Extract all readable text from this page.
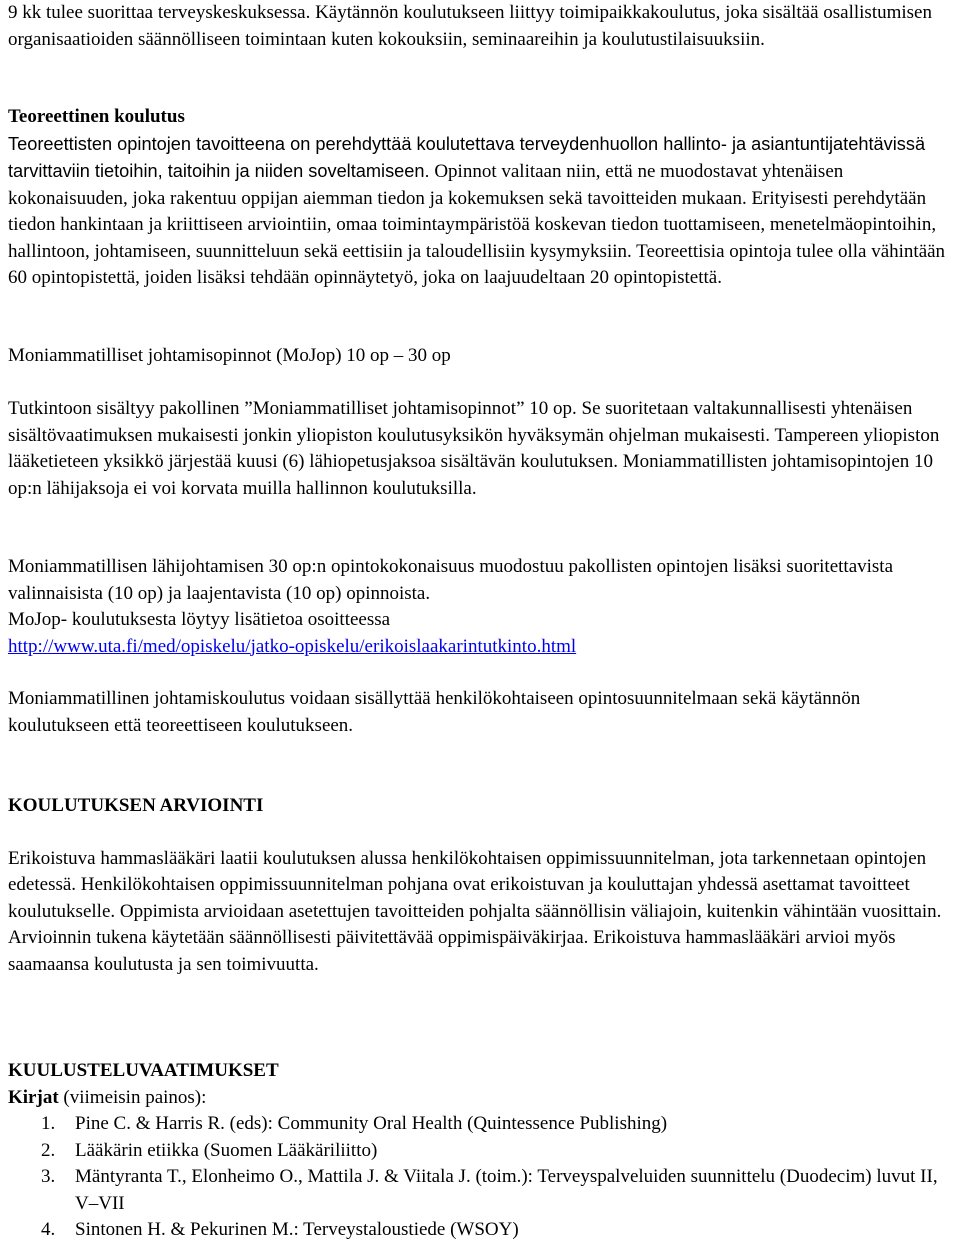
9 kk tulee suorittaa terveyskeskuksessa. Käytännön koulutukseen liittyy toimipaikkakoulutus, joka sisältää osallistumisen organisaatioiden säännölliseen toimintaan kuten kokouksiin, seminaareihin ja koulutustilaisuuksiin.

Teoreettinen koulutus

Teoreettisten opintojen tavoitteena on perehdyttää koulutettava terveydenhuollon hallinto- ja asiantuntijatehtävissä tarvittaviin tietoihin, taitoihin ja niiden soveltamiseen. Opinnot valitaan niin, että ne muodostavat yhtenäisen kokonaisuuden, joka rakentuu oppijan aiemman tiedon ja kokemuksen sekä tavoitteiden mukaan. Erityisesti perehdytään tiedon hankintaan ja kriittiseen arviointiin, omaa toimintaympäristöä koskevan tiedon tuottamiseen, menetelmäopintoihin, hallintoon, johtamiseen, suunnitteluun sekä eettisiin ja taloudellisiin kysymyksiin. Teoreettisia opintoja tulee olla vähintään 60 opintopistettä, joiden lisäksi tehdään opinnäytetyö, joka on laajuudeltaan 20 opintopistettä.

Moniammatilliset johtamisopinnot (MoJop) 10 op – 30 op

Tutkintoon sisältyy pakollinen ”Moniammatilliset johtamisopinnot” 10 op. Se suoritetaan valtakunnallisesti yhtenäisen sisältövaatimuksen mukaisesti jonkin yliopiston koulutusyksikön hyväksymän ohjelman mukaisesti. Tampereen yliopiston lääketieteen yksikkö järjestää kuusi (6) lähiopetusjaksoa sisältävän koulutuksen. Moniammatillisten johtamisopintojen 10 op:n lähijaksoja ei voi korvata muilla hallinnon koulutuksilla.

Moniammatillisen lähijohtamisen 30 op:n opintokokonaisuus muodostuu pakollisten opintojen lisäksi suoritettavista valinnaisista (10 op) ja laajentavista (10 op) opinnoista.

MoJop- koulutuksesta löytyy lisätietoa osoitteessa

http://www.uta.fi/med/opiskelu/jatko-opiskelu/erikoislaakarintutkinto.html

Moniammatillinen johtamiskoulutus voidaan sisällyttää henkilökohtaiseen opintosuunnitelmaan sekä käytännön koulutukseen että teoreettiseen koulutukseen.

KOULUTUKSEN ARVIOINTI

Erikoistuva hammaslääkäri laatii koulutuksen alussa henkilökohtaisen oppimissuunnitelman, jota tarkennetaan opintojen edetessä. Henkilökohtaisen oppimissuunnitelman pohjana ovat erikoistuvan ja kouluttajan yhdessä asettamat tavoitteet koulutukselle. Oppimista arvioidaan asetettujen tavoitteiden pohjalta säännöllisin väliajoin, kuitenkin vähintään vuosittain. Arvioinnin tukena käytetään säännöllisesti päivitettävää oppimispäiväkirjaa. Erikoistuva hammaslääkäri arvioi myös saamaansa koulutusta ja sen toimivuutta.

KUULUSTELUVAATIMUKSET

Kirjat (viimeisin painos):

1. Pine C. & Harris R. (eds): Community Oral Health (Quintessence Publishing)
2. Lääkärin etiikka (Suomen Lääkäriliitto)
3. Mäntyranta T., Elonheimo O., Mattila J. & Viitala J. (toim.): Terveyspalveluiden suunnittelu (Duodecim) luvut II, V–VII
4. Sintonen H. & Pekurinen M.: Terveystaloustiede (WSOY)
